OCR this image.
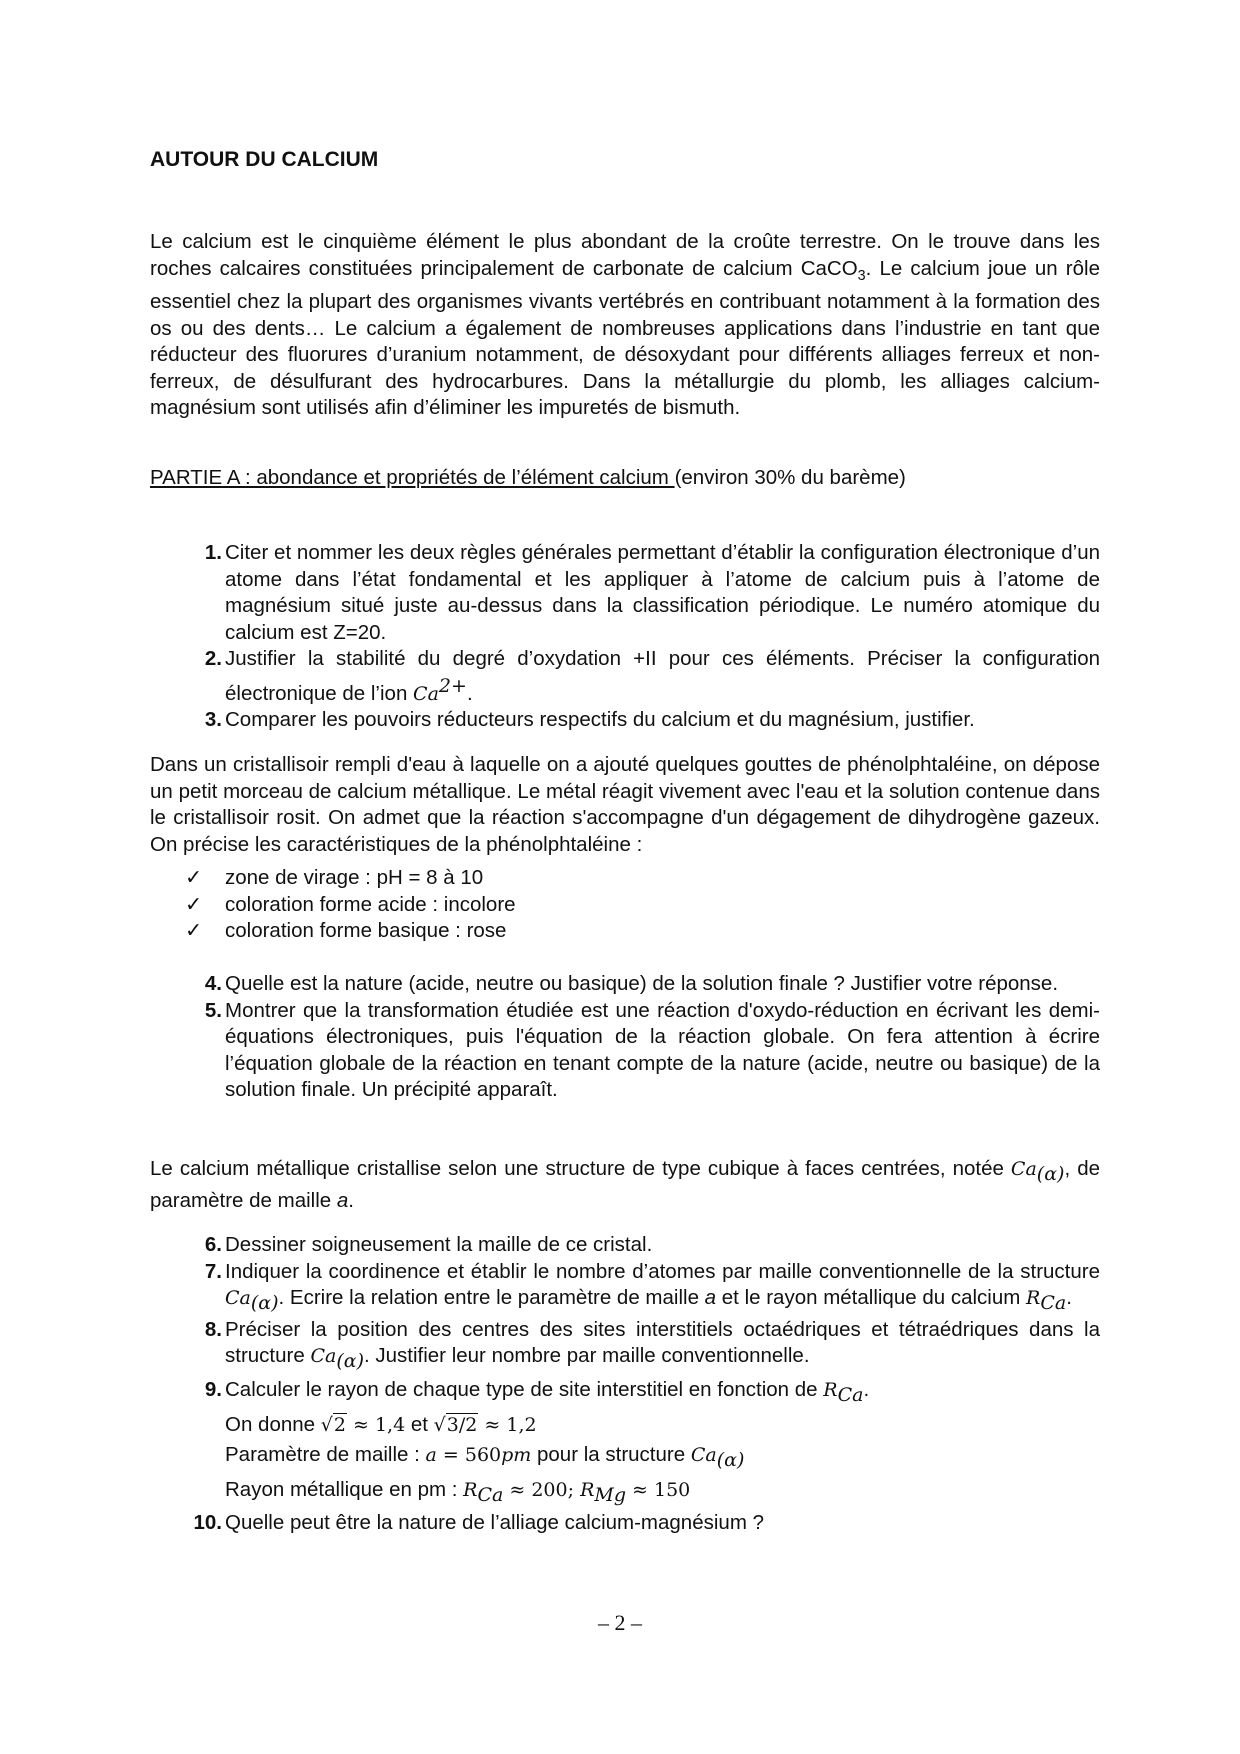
AUTOUR DU CALCIUM
Le calcium est le cinquième élément le plus abondant de la croûte terrestre. On le trouve dans les roches calcaires constituées principalement de carbonate de calcium CaCO$_3$. Le calcium joue un rôle essentiel chez la plupart des organismes vivants vertébrés en contribuant notamment à la formation des os ou des dents… Le calcium a également de nombreuses applications dans l’industrie en tant que réducteur des fluorures d’uranium notamment, de désoxydant pour différents alliages ferreux et non-ferreux, de désulfurant des hydrocarbures. Dans la métallurgie du plomb, les alliages calcium-magnésium sont utilisés afin d’éliminer les impuretés de bismuth.
PARTIE A : abondance et propriétés de l’élément calcium (environ 30% du barème)
1. Citer et nommer les deux règles générales permettant d’établir la configuration électronique d’un atome dans l’état fondamental et les appliquer à l’atome de calcium puis à l’atome de magnésium situé juste au-dessus dans la classification périodique. Le numéro atomique du calcium est Z=20.
2. Justifier la stabilité du degré d’oxydation +II pour ces éléments. Préciser la configuration électronique de l’ion $Ca^{2+}$.
3. Comparer les pouvoirs réducteurs respectifs du calcium et du magnésium, justifier.
Dans un cristallisoir rempli d'eau à laquelle on a ajouté quelques gouttes de phénolphtaléine, on dépose un petit morceau de calcium métallique. Le métal réagit vivement avec l'eau et la solution contenue dans le cristallisoir rosit. On admet que la réaction s'accompagne d'un dégagement de dihydrogène gazeux. On précise les caractéristiques de la phénolphtaléine :
✓ zone de virage : pH = 8 à 10
✓ coloration forme acide : incolore
✓ coloration forme basique : rose
4. Quelle est la nature (acide, neutre ou basique) de la solution finale ? Justifier votre réponse.
5. Montrer que la transformation étudiée est une réaction d'oxydo-réduction en écrivant les demi-équations électroniques, puis l'équation de la réaction globale. On fera attention à écrire l’équation globale de la réaction en tenant compte de la nature (acide, neutre ou basique) de la solution finale. Un précipité apparaît.
Le calcium métallique cristallise selon une structure de type cubique à faces centrées, notée $Ca_{(\alpha)}$, de paramètre de maille a.
6. Dessiner soigneusement la maille de ce cristal.
7. Indiquer la coordinence et établir le nombre d’atomes par maille conventionnelle de la structure $Ca_{(\alpha)}$. Ecrire la relation entre le paramètre de maille a et le rayon métallique du calcium $R_{Ca}$.
8. Préciser la position des centres des sites interstitiels octaédriques et tétraédriques dans la structure $Ca_{(\alpha)}$. Justifier leur nombre par maille conventionnelle.
9. Calculer le rayon de chaque type de site interstitiel en fonction de $R_{Ca}$.
On donne √2 ≈ 1,4 et √3/2 ≈ 1,2
Paramètre de maille : a = 560pm pour la structure $Ca_{(\alpha)}$
Rayon métallique en pm : $R_{Ca} \approx 200$; $R_{Mg} \approx 150$
10. Quelle peut être la nature de l’alliage calcium-magnésium ?
– 2 –
